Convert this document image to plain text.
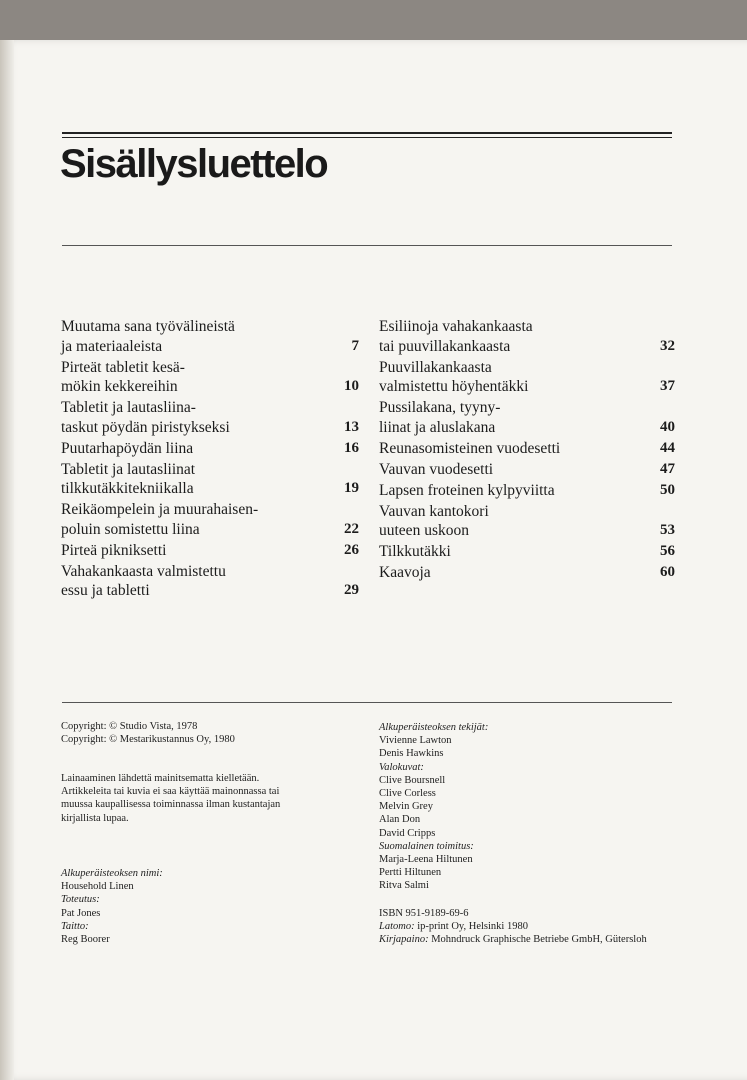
Sisällysluettelo
Muutama sana työvälineistä
ja materiaaleista	7
Pirteät tabletit kesä-
mökin kekkereihin	10
Tabletit ja lautasliina-
taskut pöydän piristykseksi	13
Puutarhapöydän liina	16
Tabletit ja lautasliinat
tilkkutäkkitekniikalla	19
Reikäompelein ja muurahaisen-
poluin somistettu liina	22
Pirteä pikniksetti	26
Vahakankaasta valmistettu
essu ja tabletti	29
Esiliinoja vahakankaasta
tai puuvillakankaasta	32
Puuvillakankaasta
valmistettu höyhentäkki	37
Pussilakana, tyyny-
liinat ja aluslakana	40
Reunasomisteinen vuodesetti	44
Vauvan vuodesetti	47
Lapsen froteinen kylpyviitta	50
Vauvan kantokori
uuteen uskoon	53
Tilkkutäkki	56
Kaavoja	60
Copyright: © Studio Vista, 1978
Copyright: © Mestarikustannus Oy, 1980
Lainaaminen lähdettä mainitsematta kielletään.
Artikkeleita tai kuvia ei saa käyttää mainonnassa tai
muussa kaupallisessa toiminnassa ilman kustantajan
kirjallista lupaa.
Alkuperäisteoksen nimi:
Household Linen
Toteutus:
Pat Jones
Taitto:
Reg Boorer
Alkuperäisteoksen tekijät:
Vivienne Lawton
Denis Hawkins
Valokuvat:
Clive Boursnell
Clive Corless
Melvin Grey
Alan Don
David Cripps
Suomalainen toimitus:
Marja-Leena Hiltunen
Pertti Hiltunen
Ritva Salmi
ISBN 951-9189-69-6
Latomo: ip-print Oy, Helsinki 1980
Kirjapaino: Mohndruck Graphische Betriebe GmbH, Gütersloh
